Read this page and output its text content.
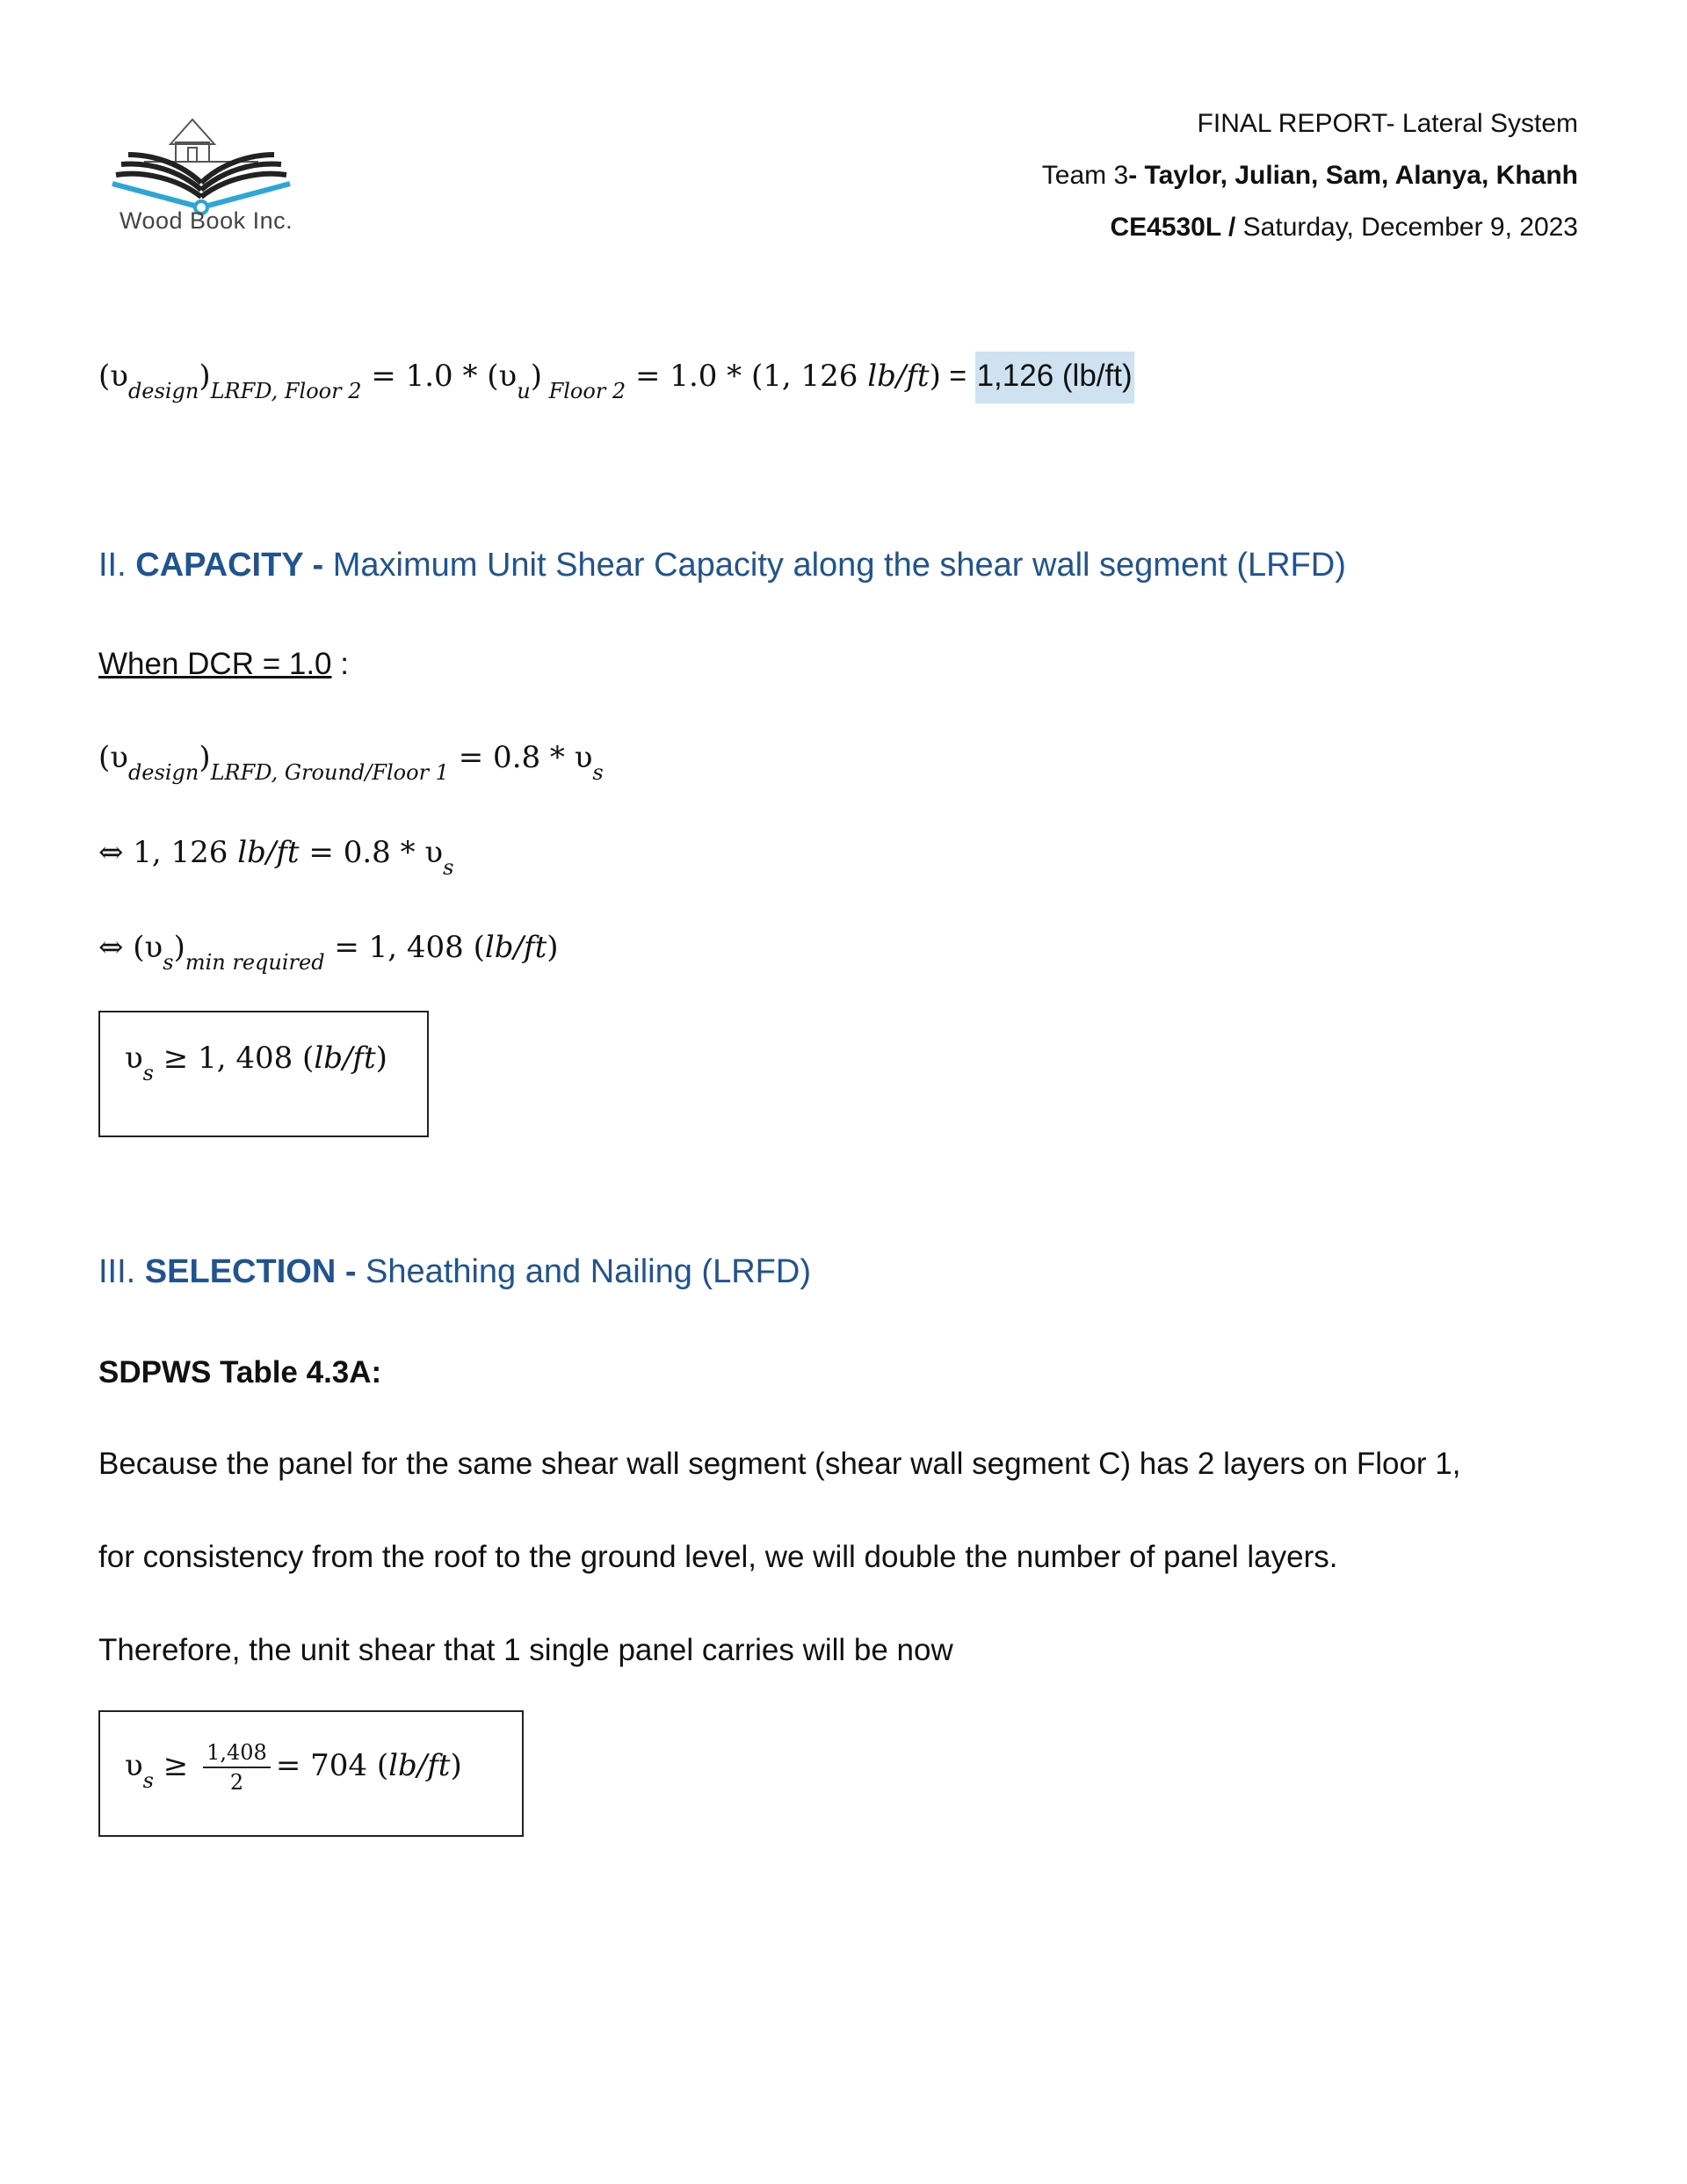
Wood Book Inc.
FINAL REPORT- Lateral System
Team 3- Taylor, Julian, Sam, Alanya, Khanh
CE4530L / Saturday, December 9, 2023
$(\upsilon_{design})_{LRFD, Floor 2} = 1.0 * (\upsilon_u) _{Floor 2} = 1.0 * (1$, 126 lb/ft) = 1,126 (lb/ft)
II. CAPACITY - Maximum Unit Shear Capacity along the shear wall segment (LRFD)
When DCR = 1.0 :
$(\upsilon_{design})_{LRFD, Ground/Floor 1} = 0.8 * \upsilon_s$
⇔ 1, 126 $lb/ft = 0.8 * \upsilon_s$
⇔ $(\upsilon_s)_{min required} = 1$, 408 (lb/ft)
$\upsilon_s \ge 1$, 408 (lb/ft)
III. SELECTION - Sheathing and Nailing (LRFD)
SDPWS Table 4.3A:
Because the panel for the same shear wall segment (shear wall segment C) has 2 layers on Floor 1,
for consistency from the roof to the ground level, we will double the number of panel layers.
Therefore, the unit shear that 1 single panel carries will be now
$\upsilon_s \ge \frac{1,408}{2} = 704$ (lb/ft)
